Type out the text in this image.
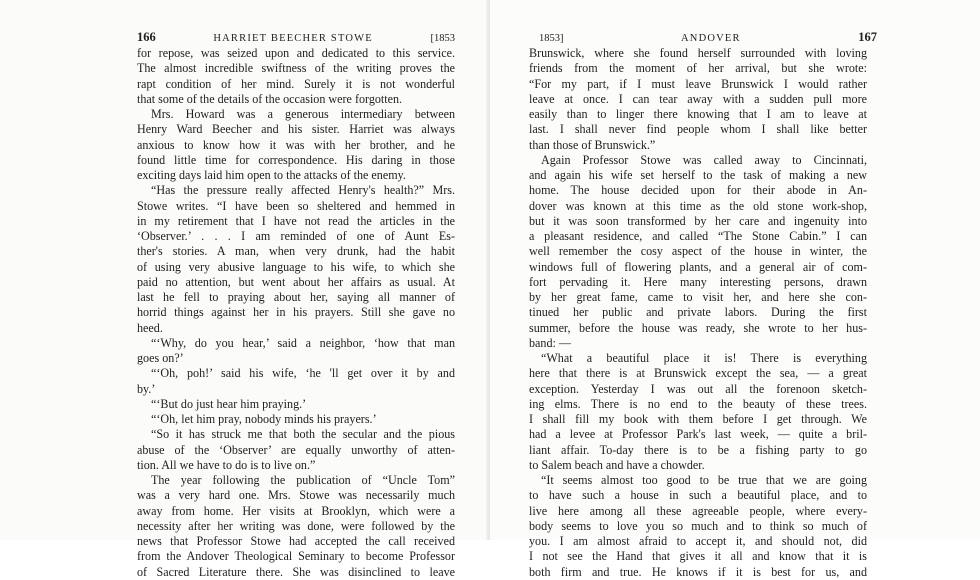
166	HARRIET BEECHER STOWE	[1853
for repose, was seized upon and dedicated to this service.
The almost incredible swiftness of the writing proves the
rapt condition of her mind. Surely it is not wonderful
that some of the details of the occasion were forgotten.
Mrs. Howard was a generous intermediary between
Henry Ward Beecher and his sister. Harriet was always
anxious to know how it was with her brother, and he
found little time for correspondence. His daring in those
exciting days laid him open to the attacks of the enemy.
“Has the pressure really affected Henry's health?” Mrs.
Stowe writes. “I have been so sheltered and hemmed in
in my retirement that I have not read the articles in the
‘Observer.’ . . . I am reminded of one of Aunt Es-
ther's stories. A man, when very drunk, had the habit
of using very abusive language to his wife, to which she
paid no attention, but went about her affairs as usual. At
last he fell to praying about her, saying all manner of
horrid things against her in his prayers. Still she gave no
heed.
“‘Why, do you hear,’ said a neighbor, ‘how that man
goes on?’
“‘Oh, poh!’ said his wife, ‘he 'll get over it by and
by.’
“‘But do just hear him praying.’
“‘Oh, let him pray, nobody minds his prayers.’
“So it has struck me that both the secular and the pious
abuse of the ‘Observer’ are equally unworthy of atten-
tion. All we have to do is to live on.”
The year following the publication of “Uncle Tom”
was a very hard one. Mrs. Stowe was necessarily much
away from home. Her visits at Brooklyn, which were a
necessity after her writing was done, were followed by the
news that Professor Stowe had accepted the call received
from the Andover Theological Seminary to become Professor
of Sacred Literature there. She was disinclined to leave
1853]	ANDOVER	167
Brunswick, where she found herself surrounded with loving
friends from the moment of her arrival, but she wrote:
“For my part, if I must leave Brunswick I would rather
leave at once. I can tear away with a sudden pull more
easily than to linger there knowing that I am to leave at
last. I shall never find people whom I shall like better
than those of Brunswick.”
Again Professor Stowe was called away to Cincinnati,
and again his wife set herself to the task of making a new
home. The house decided upon for their abode in An-
dover was known at this time as the old stone work-shop,
but it was soon transformed by her care and ingenuity into
a pleasant residence, and called “The Stone Cabin.” I can
well remember the cosy aspect of the house in winter, the
windows full of flowering plants, and a general air of com-
fort pervading it. Here many interesting persons, drawn
by her great fame, came to visit her, and here she con-
tinued her public and private labors. During the first
summer, before the house was ready, she wrote to her hus-
band: —
“What a beautiful place it is! There is everything
here that there is at Brunswick except the sea, — a great
exception. Yesterday I was out all the forenoon sketch-
ing elms. There is no end to the beauty of these trees.
I shall fill my book with them before I get through. We
had a levee at Professor Park's last week, — quite a bril-
liant affair. To-day there is to be a fishing party to go
to Salem beach and have a chowder.
“It seems almost too good to be true that we are going
to have such a house in such a beautiful place, and to
live here among all these agreeable people, where every-
body seems to love you so much and to think so much of
you. I am almost afraid to accept it, and should not, did
I not see the Hand that gives it all and know that it is
both firm and true. He knows if it is best for us, and
